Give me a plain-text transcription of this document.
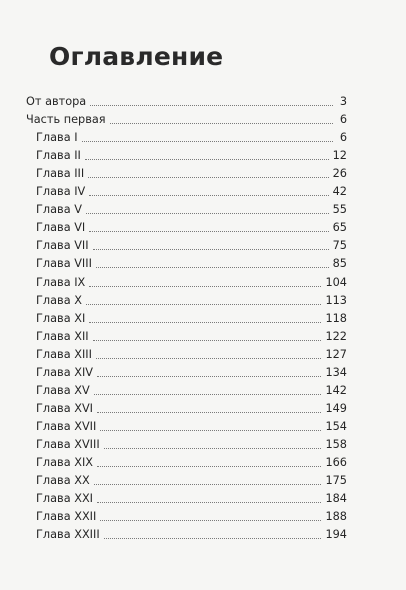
Оглавление
От автора	3
Часть первая	6
Глава I	6
Глава II	12
Глава III	26
Глава IV	42
Глава V	55
Глава VI	65
Глава VII	75
Глава VIII	85
Глава IX	104
Глава X	113
Глава XI	118
Глава XII	122
Глава XIII	127
Глава XIV	134
Глава XV	142
Глава XVI	149
Глава XVII	154
Глава XVIII	158
Глава XIX	166
Глава XX	175
Глава XXI	184
Глава XXII	188
Глава XXIII	194
